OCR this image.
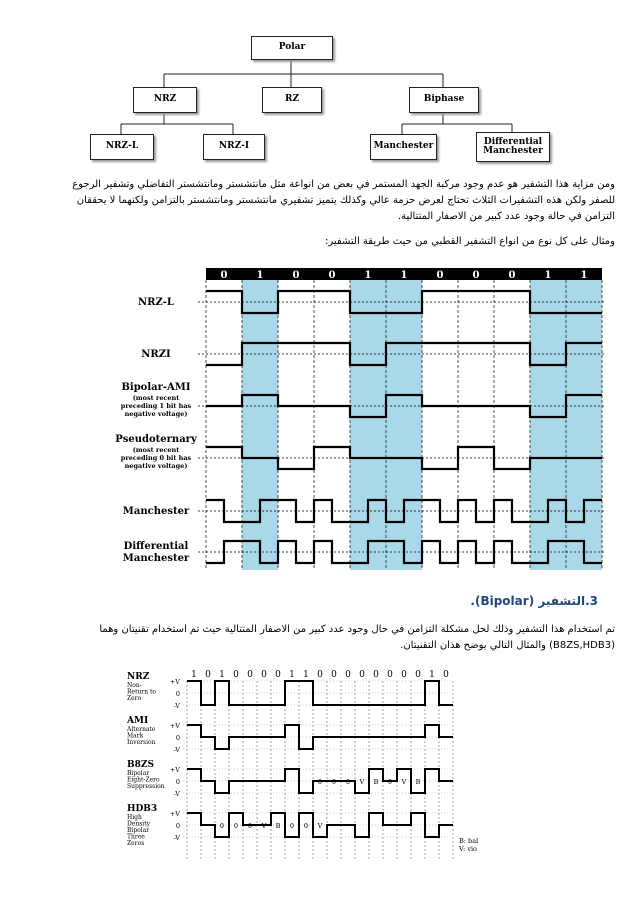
Polar
NRZ	RZ	Biphase
NRZ-L	NRZ-I	Manchester	Differential
Manchester
ومن مزاية هذا التشفير هو عدم وجود مركبة الجهد المستمر في بعض من انواعة مثل مانتشستر ومانتشستر التفاضلي وتشفير الرجوع للصفر ولكن هذه التشفيرات الثلاث تحتاج لعرض حزمة عالي وكذلك يتميز تشفيري مانتشستر ومانتشستر بالتزامن ولكنهما لا يحققان التزامن في حالة وجود عدد كبير من الاصفار المتتالية.
ومثال على كل نوع من انواع التشفير القطبي من حيث طريقة التشفير:
0	1	0	0	1	1	0	0	0	1	1
NRZ-L
NRZI
Bipolar-AMI
(most recent preceding 1 bit has negative voltage)
Pseudoternary
(most recent preceding 0 bit has negative voltage)
Manchester
Differential Manchester
3.التشفير (Bipolar).
تم استخدام هذا التشفير وذلك لحل مشكلة التزامن في حال وجود عدد كبير من الاصفار المتتالية حيث تم استخدام تقنيتان وهما (B8ZS,HDB3) والمثال التالي يوضح هذان التقنيتان.
1 0 1 0 0 0 0 1 1 0 0 0 0 0 0 0 0 1 0
NRZ
Non-Return to Zero
+V
0
-V
AMI
Alternate Mark Inversion
+V
0
-V
B8ZS
Bipolar Eight-Zero Suppression
+V
0
-V
HDB3
High Density Bipolar Three Zeros
+V
0
-V
0 0 0 V B 0 V B
0 0 0 V B 0 0 V
B: bal
V: vio
